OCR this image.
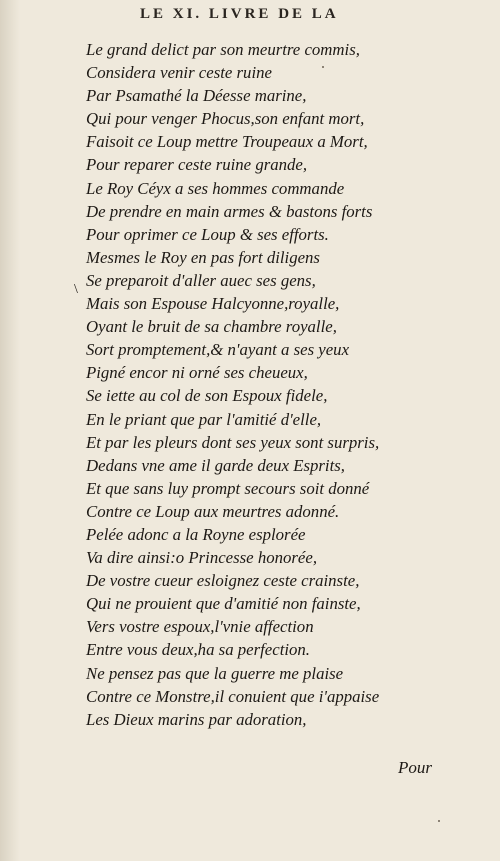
LE XI. LIVRE DE LA
\
Le grand delict par son meurtre commis,
Considera venir ceste ruine
Par Psamathé la Déesse marine,
Qui pour venger Phocus,son enfant mort,
Faisoit ce Loup mettre Troupeaux a Mort,
Pour reparer ceste ruine grande,
Le Roy Céyx a ses hommes commande
De prendre en main armes & bastons forts
Pour oprimer ce Loup & ses efforts.
Mesmes le Roy en pas fort diligens
Se preparoit d'aller auec ses gens,
Mais son Espouse Halcyonne,royalle,
Oyant le bruit de sa chambre royalle,
Sort promptement,& n'ayant a ses yeux
Pigné encor ni orné ses cheueux,
Se iette au col de son Espoux fidele,
En le priant que par l'amitié d'elle,
Et par les pleurs dont ses yeux sont surpris,
Dedans vne ame il garde deux Esprits,
Et que sans luy prompt secours soit donné
Contre ce Loup aux meurtres adonné.
Pelée adonc a la Royne esplorée
Va dire ainsi:o Princesse honorée,
De vostre cueur esloignez ceste crainste,
Qui ne prouient que d'amitié non fainste,
Vers vostre espoux,l'vnie affection
Entre vous deux,ha sa perfection.
Ne pensez pas que la guerre me plaise
Contre ce Monstre,il conuient que i'appaise
Les Dieux marins par adoration,
Pour
